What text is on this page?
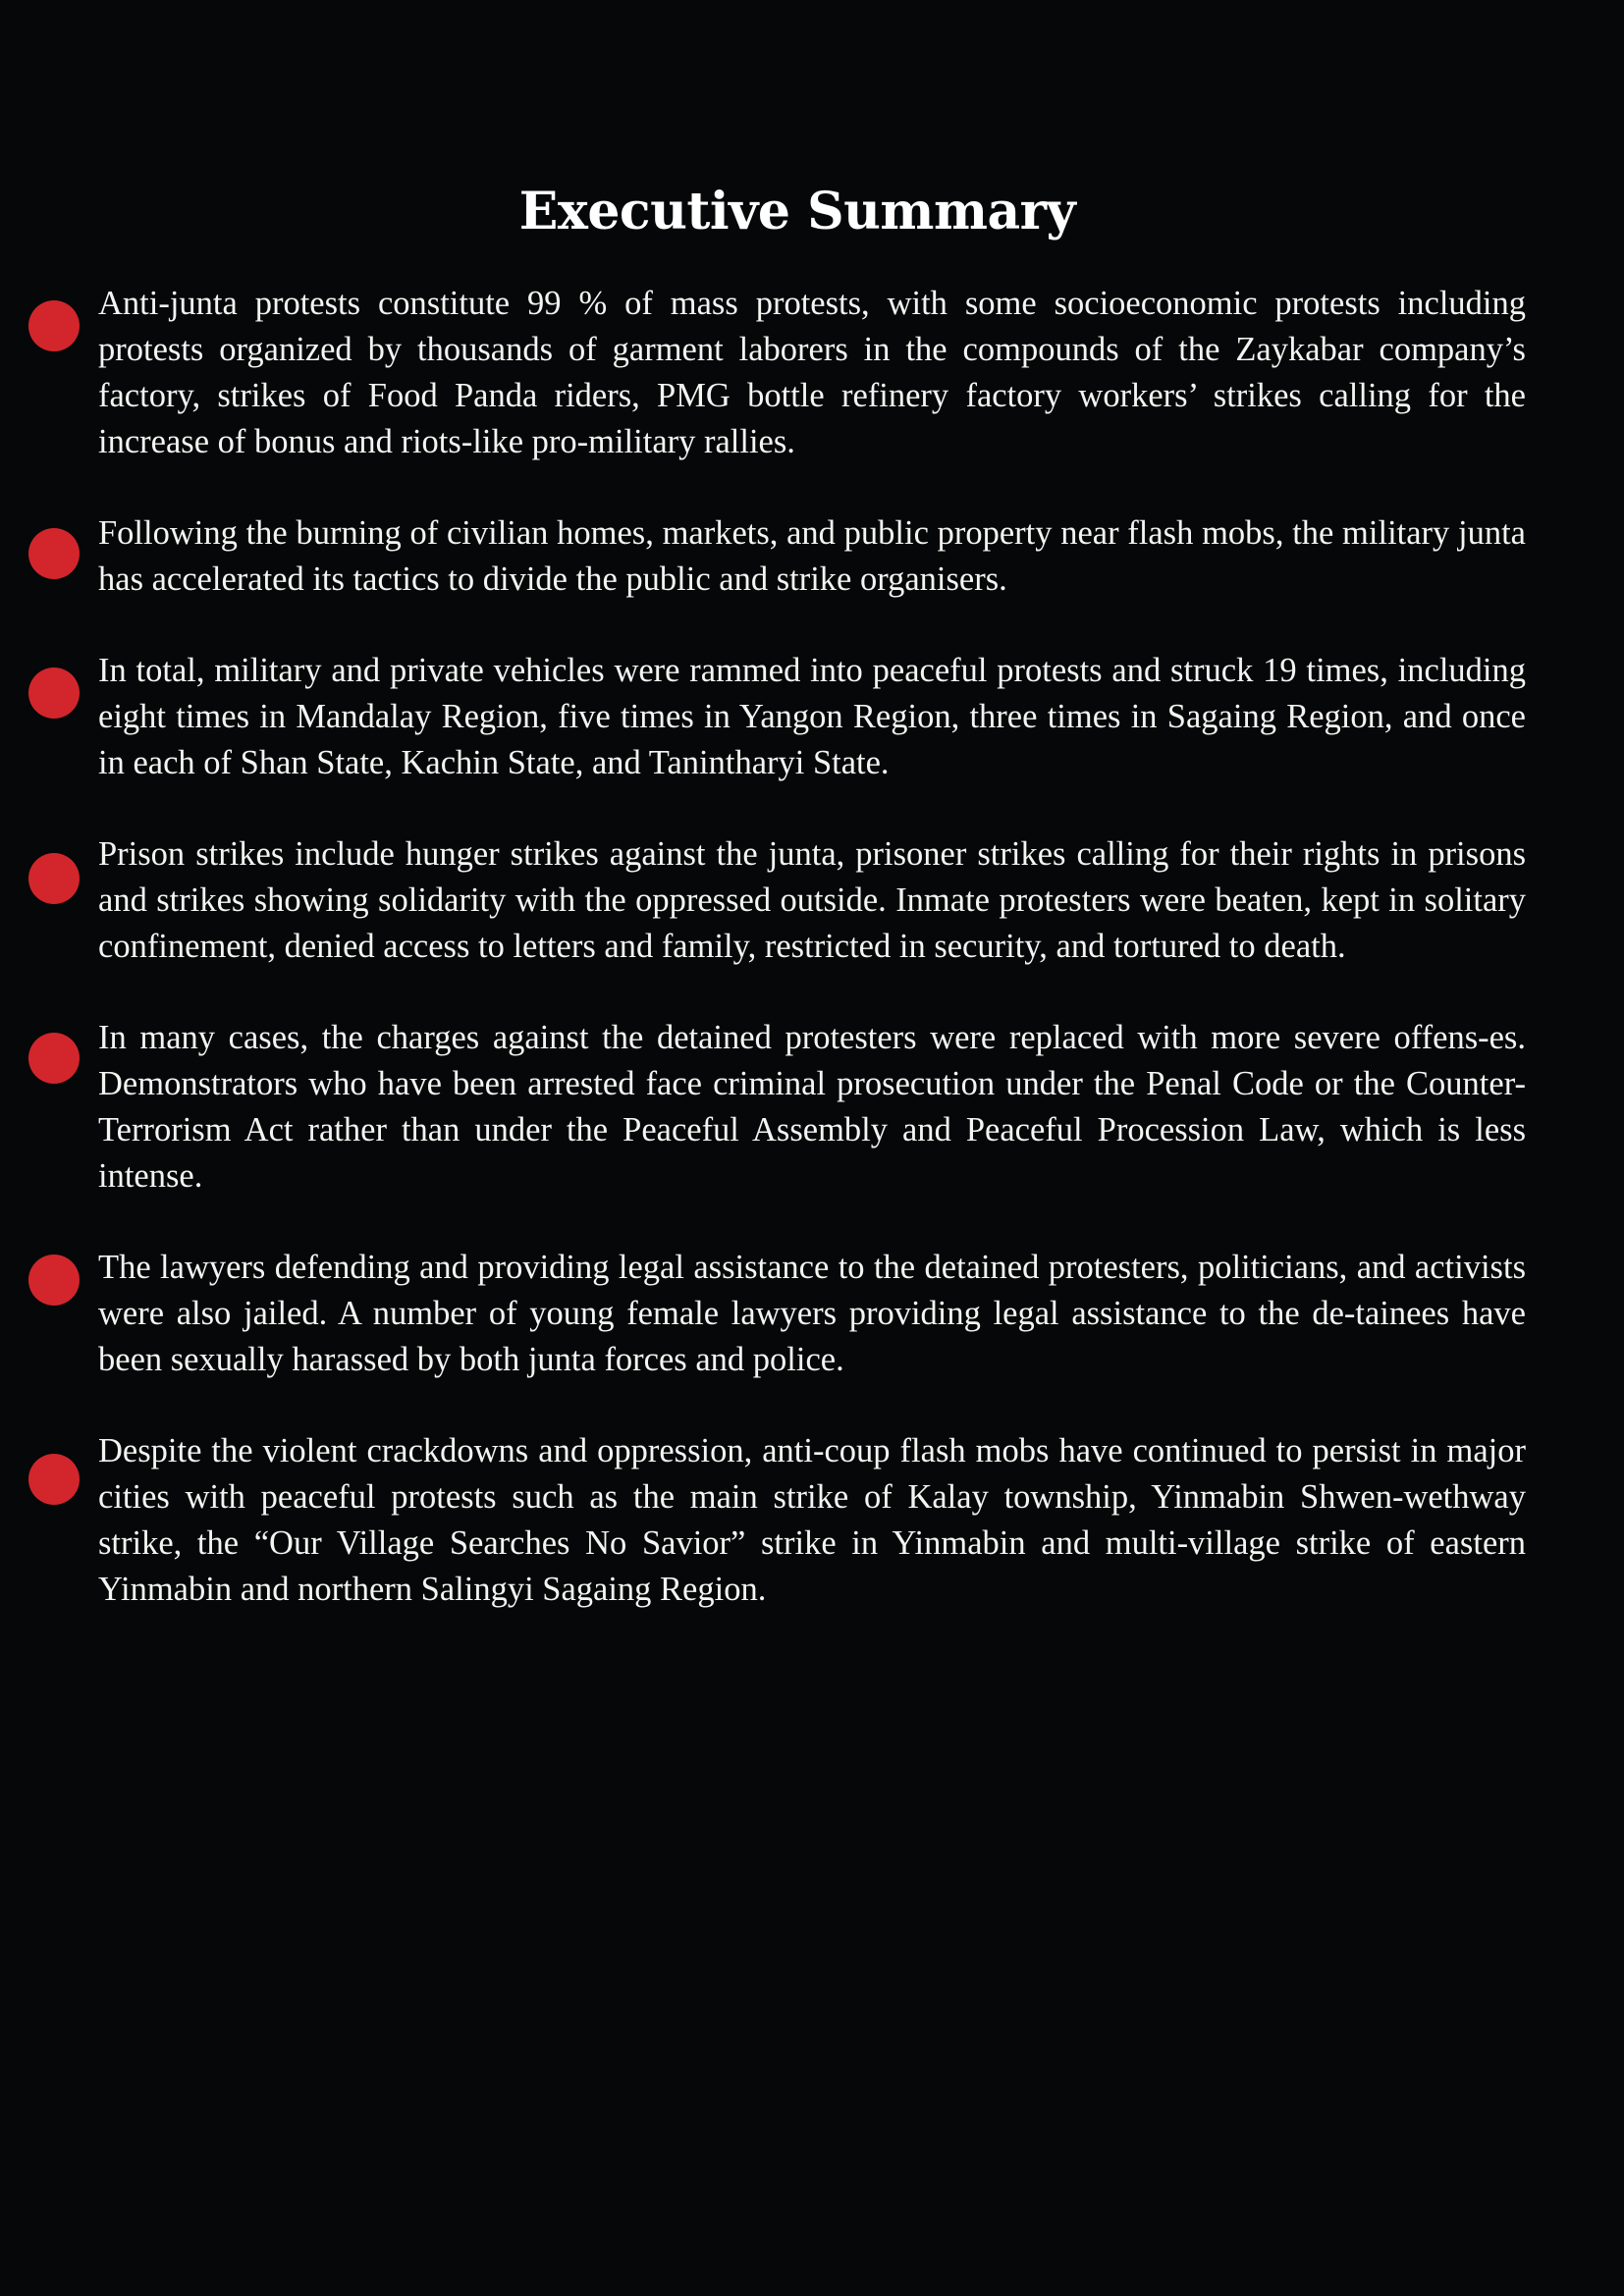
Executive Summary

Anti-junta protests constitute 99 % of mass protests, with some socioeconomic protests including protests organized by thousands of garment laborers in the compounds of the Zaykabar company’s factory, strikes of Food Panda riders, PMG bottle refinery factory workers’ strikes calling for the increase of bonus and riots-like pro-military rallies.

Following the burning of civilian homes, markets, and public property near flash mobs, the military junta has accelerated its tactics to divide the public and strike organisers.

In total, military and private vehicles were rammed into peaceful protests and struck 19 times, including eight times in Mandalay Region, five times in Yangon Region, three times in Sagaing Region, and once in each of Shan State, Kachin State, and Tanintharyi State.

Prison strikes include hunger strikes against the junta, prisoner strikes calling for their rights in prisons and strikes showing solidarity with the oppressed outside. Inmate protesters were beaten, kept in solitary confinement, denied access to letters and family, restricted in security, and tortured to death.

In many cases, the charges against the detained protesters were replaced with more severe offens-es. Demonstrators who have been arrested face criminal prosecution under the Penal Code or the Counter-Terrorism Act rather than under the Peaceful Assembly and Peaceful Procession Law, which is less intense.

The lawyers defending and providing legal assistance to the detained protesters, politicians, and activists were also jailed. A number of young female lawyers providing legal assistance to the de-tainees have been sexually harassed by both junta forces and police.

Despite the violent crackdowns and oppression, anti-coup flash mobs have continued to persist in major cities with peaceful protests such as the main strike of Kalay township, Yinmabin Shwen-wethway strike, the “Our Village Searches No Savior” strike in Yinmabin and multi-village strike of eastern Yinmabin and northern Salingyi Sagaing Region.
